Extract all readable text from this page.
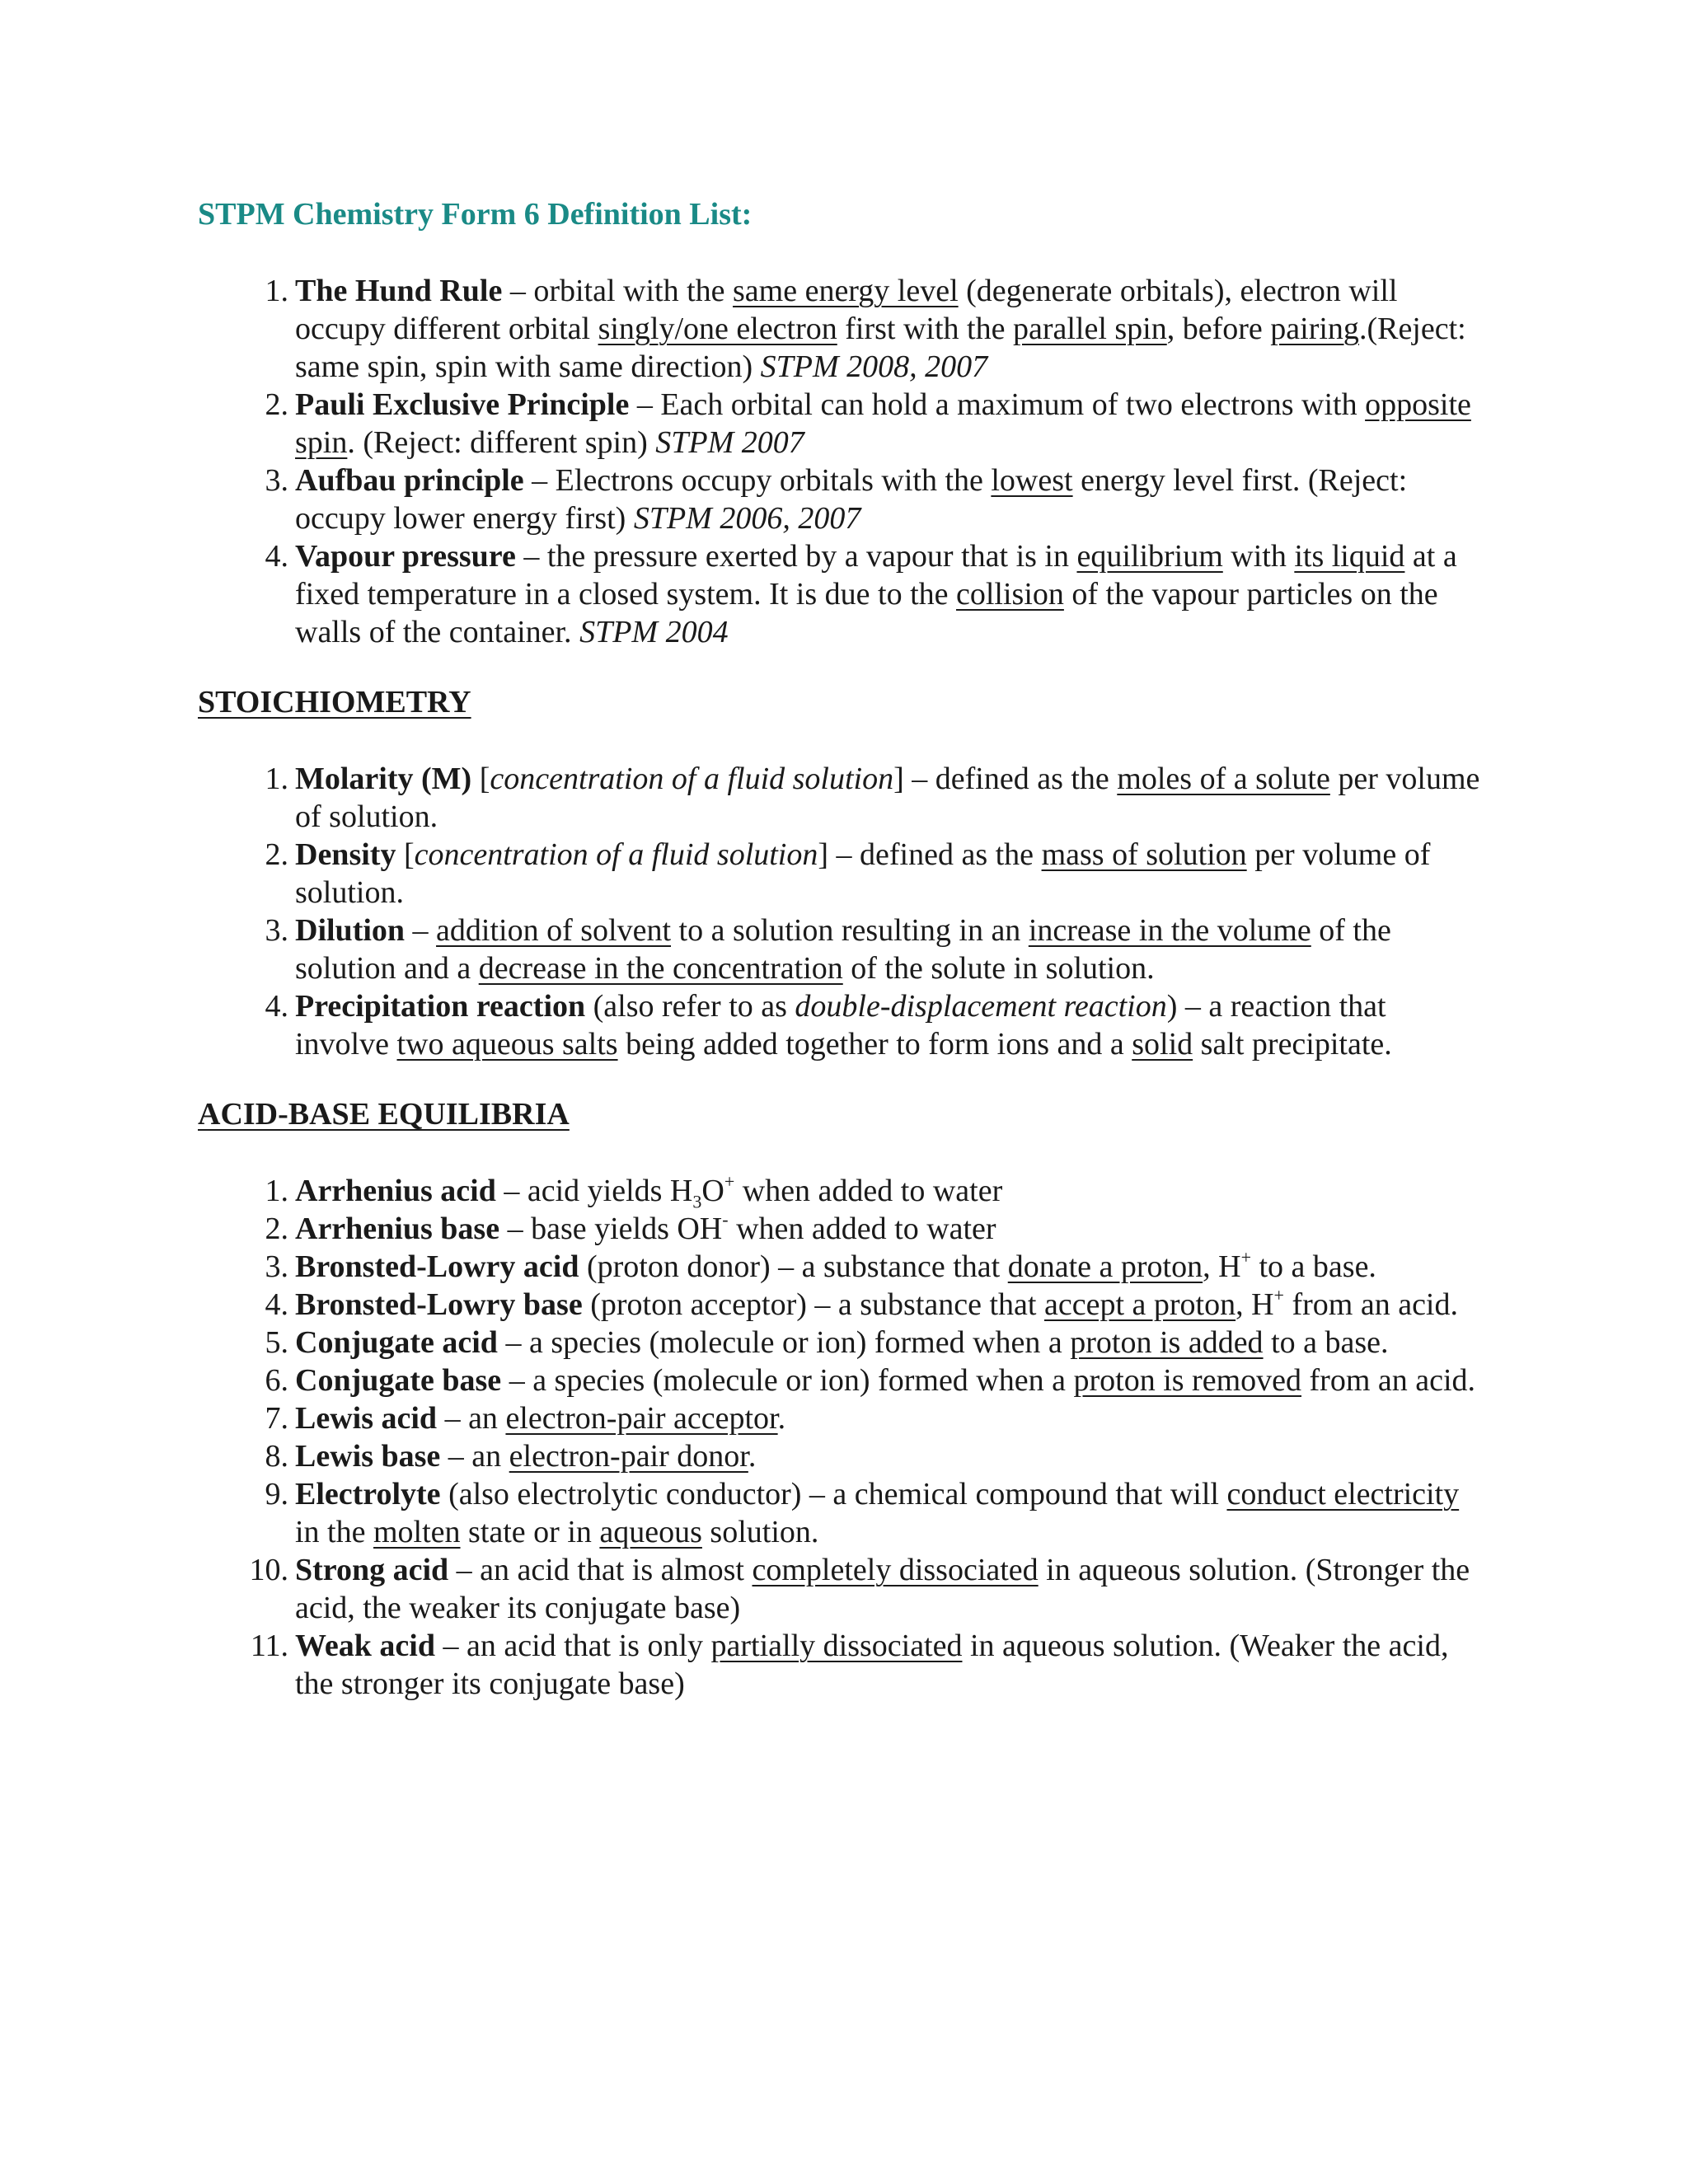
STPM Chemistry Form 6 Definition List:
1. The Hund Rule – orbital with the same energy level (degenerate orbitals), electron will occupy different orbital singly/one electron first with the parallel spin, before pairing.(Reject: same spin, spin with same direction) STPM 2008, 2007
2. Pauli Exclusive Principle – Each orbital can hold a maximum of two electrons with opposite spin. (Reject: different spin) STPM 2007
3. Aufbau principle – Electrons occupy orbitals with the lowest energy level first. (Reject: occupy lower energy first) STPM 2006, 2007
4. Vapour pressure – the pressure exerted by a vapour that is in equilibrium with its liquid at a fixed temperature in a closed system. It is due to the collision of the vapour particles on the walls of the container. STPM 2004
STOICHIOMETRY
1. Molarity (M) [concentration of a fluid solution] – defined as the moles of a solute per volume of solution.
2. Density [concentration of a fluid solution] – defined as the mass of solution per volume of solution.
3. Dilution – addition of solvent to a solution resulting in an increase in the volume of the solution and a decrease in the concentration of the solute in solution.
4. Precipitation reaction (also refer to as double-displacement reaction) – a reaction that involve two aqueous salts being added together to form ions and a solid salt precipitate.
ACID-BASE EQUILIBRIA
1. Arrhenius acid – acid yields $H_3O^+$ when added to water
2. Arrhenius base – base yields OH- when added to water
3. Bronsted-Lowry acid (proton donor) – a substance that donate a proton, H+ to a base.
4. Bronsted-Lowry base (proton acceptor) – a substance that accept a proton, H+ from an acid.
5. Conjugate acid – a species (molecule or ion) formed when a proton is added to a base.
6. Conjugate base – a species (molecule or ion) formed when a proton is removed from an acid.
7. Lewis acid – an electron-pair acceptor.
8. Lewis base – an electron-pair donor.
9. Electrolyte (also electrolytic conductor) – a chemical compound that will conduct electricity in the molten state or in aqueous solution.
10. Strong acid – an acid that is almost completely dissociated in aqueous solution. (Stronger the acid, the weaker its conjugate base)
11. Weak acid – an acid that is only partially dissociated in aqueous solution. (Weaker the acid, the stronger its conjugate base)
